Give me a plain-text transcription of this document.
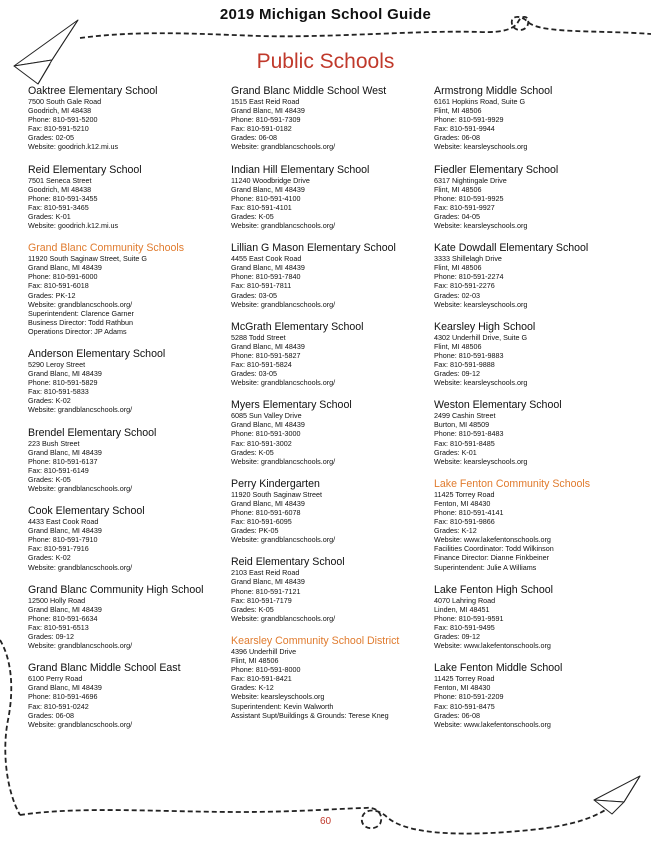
2019 Michigan School Guide
Public Schools
Oaktree Elementary School
7500 South Gale Road
Goodrich, MI 48438
Phone: 810-591-5200
Fax: 810-591-5210
Grades: 02-05
Website: goodrich.k12.mi.us
Reid Elementary School
7501 Seneca Street
Goodrich, MI 48438
Phone: 810-591-3455
Fax: 810-591-3465
Grades: K-01
Website: goodrich.k12.mi.us
Grand Blanc Community Schools
11920 South Saginaw Street, Suite G
Grand Blanc, MI 48439
Phone: 810-591-6000
Fax: 810-591-6018
Grades: PK-12
Website: grandblancschools.org/
Superintendent: Clarence Garner
Business Director: Todd Rathbun
Operations Director: JP Adams
Anderson Elementary School
5290 Leroy Street
Grand Blanc, MI 48439
Phone: 810-591-5829
Fax: 810-591-5833
Grades: K-02
Website: grandblancschools.org/
Brendel Elementary School
223 Bush Street
Grand Blanc, MI 48439
Phone: 810-591-6137
Fax: 810-591-6149
Grades: K-05
Website: grandblancschools.org/
Cook Elementary School
4433 East Cook Road
Grand Blanc, MI 48439
Phone: 810-591-7910
Fax: 810-591-7916
Grades: K-02
Website: grandblancschools.org/
Grand Blanc Community High School
12500 Holly Road
Grand Blanc, MI 48439
Phone: 810-591-6634
Fax: 810-591-6513
Grades: 09-12
Website: grandblancschools.org/
Grand Blanc Middle School East
6100 Perry Road
Grand Blanc, MI 48439
Phone: 810-591-4696
Fax: 810-591-0242
Grades: 06-08
Website: grandblancschools.org/
Grand Blanc Middle School West
1515 East Reid Road
Grand Blanc, MI 48439
Phone: 810-591-7309
Fax: 810-591-0182
Grades: 06-08
Website: grandblancschools.org/
Indian Hill Elementary School
11240 Woodbridge Drive
Grand Blanc, MI 48439
Phone: 810-591-4100
Fax: 810-591-4101
Grades: K-05
Website: grandblancschools.org/
Lillian G Mason Elementary School
4455 East Cook Road
Grand Blanc, MI 48439
Phone: 810-591-7840
Fax: 810-591-7811
Grades: 03-05
Website: grandblancschools.org/
McGrath Elementary School
5288 Todd Street
Grand Blanc, MI 48439
Phone: 810-591-5827
Fax: 810-591-5824
Grades: 03-05
Website: grandblancschools.org/
Myers Elementary School
6085 Sun Valley Drive
Grand Blanc, MI 48439
Phone: 810-591-3000
Fax: 810-591-3002
Grades: K-05
Website: grandblancschools.org/
Perry Kindergarten
11920 South Saginaw Street
Grand Blanc, MI 48439
Phone: 810-591-6078
Fax: 810-591-6095
Grades: PK-05
Website: grandblancschools.org/
Reid Elementary School
2103 East Reid Road
Grand Blanc, MI 48439
Phone: 810-591-7121
Fax: 810-591-7179
Grades: K-05
Website: grandblancschools.org/
Kearsley Community School District
4396 Underhill Drive
Flint, MI 48506
Phone: 810-591-8000
Fax: 810-591-8421
Grades: K-12
Website: kearsleyschools.org
Superintendent: Kevin Walworth
Assistant Supt/Buildings & Grounds: Terese Kneg
Armstrong Middle School
6161 Hopkins Road, Suite G
Flint, MI 48506
Phone: 810-591-9929
Fax: 810-591-9944
Grades: 06-08
Website: kearsleyschools.org
Fiedler Elementary School
6317 Nightingale Drive
Flint, MI 48506
Phone: 810-591-9925
Fax: 810-591-9927
Grades: 04-05
Website: kearsleyschools.org
Kate Dowdall Elementary School
3333 Shillelagh Drive
Flint, MI 48506
Phone: 810-591-2274
Fax: 810-591-2276
Grades: 02-03
Website: kearsleyschools.org
Kearsley High School
4302 Underhill Drive, Suite G
Flint, MI 48506
Phone: 810-591-9883
Fax: 810-591-9888
Grades: 09-12
Website: kearsleyschools.org
Weston Elementary School
2499 Cashin Street
Burton, MI 48509
Phone: 810-591-8483
Fax: 810-591-8485
Grades: K-01
Website: kearsleyschools.org
Lake Fenton Community Schools
11425 Torrey Road
Fenton, MI 48430
Phone: 810-591-4141
Fax: 810-591-9866
Grades: K-12
Website: www.lakefentonschools.org
Facilities Coordinator: Todd Wilkinson
Finance Director: Dianne Finkbeiner
Superintendent: Julie A Williams
Lake Fenton High School
4070 Lahring Road
Linden, MI 48451
Phone: 810-591-9591
Fax: 810-591-9495
Grades: 09-12
Website: www.lakefentonschools.org
Lake Fenton Middle School
11425 Torrey Road
Fenton, MI 48430
Phone: 810-591-2209
Fax: 810-591-8475
Grades: 06-08
Website: www.lakefentonschools.org
60
